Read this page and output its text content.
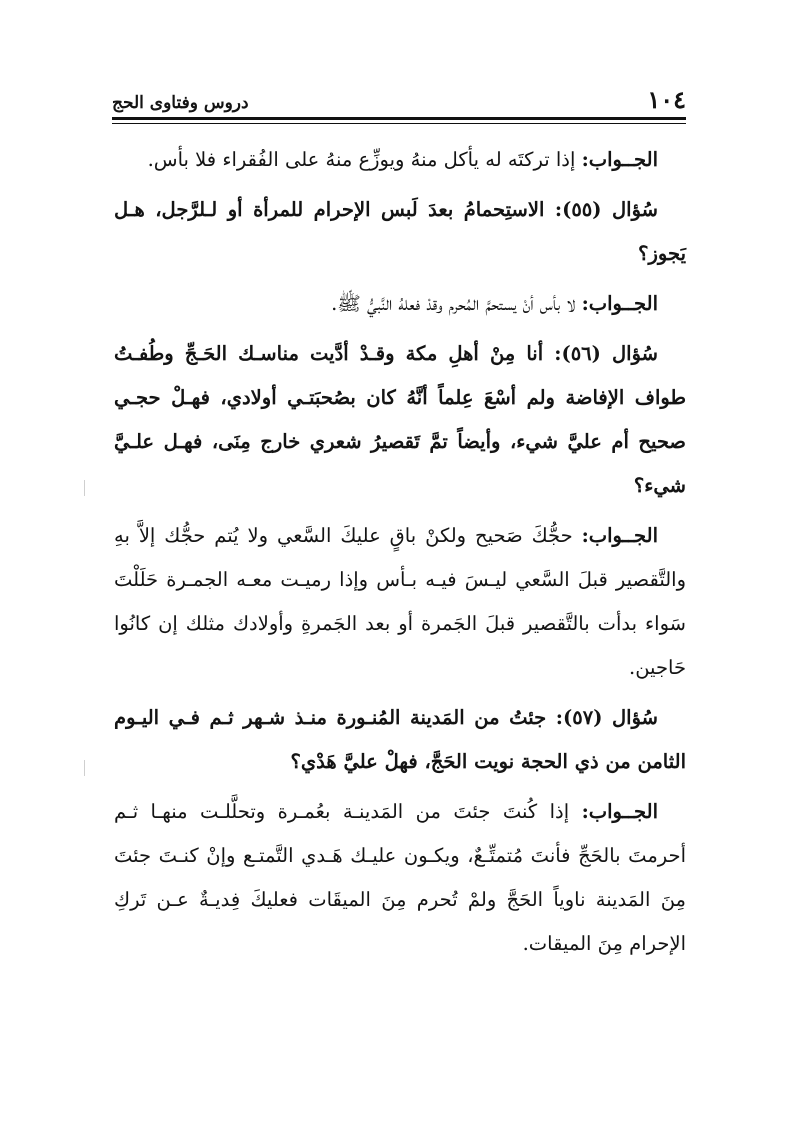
١٠٤
دروس وفتاوى الحج

الجــواب: إذا تركتَه له يأكل منهُ ويوزِّع منهُ على الفُقراء فلا بأس.

سُؤال (٥٥): الاستِحمامُ بعدَ لَبس الإحرام للمرأة أو لـلرَّجل، هـل يَجوز؟

الجــواب: لا بأس أنْ يستحمَّ المُحرم وقدْ فعلهُ النَّبيُّ ﷺ.

سُؤال (٥٦): أنا مِنْ أهلِ مكة وقـدْ أدَّيت مناسـك الحَـجِّ وطُفـتُ طواف الإفاضة ولم أسْعَ عِلماً أنَّهُ كان بصُحبَتـي أولادي، فهـلْ حجـي صحيح أم عليَّ شيء، وأيضاً تمَّ تَقصيرُ شعري خارج مِنَى، فهـل علـيَّ شيء؟

الجــواب: حجُّكَ صَحيح ولكنْ باقٍ عليكَ السَّعي ولا يُتم حجُّك إلاَّ بهِ والتَّقصير قبلَ السَّعي ليـسَ فيـه بـأس وإذا رميـت معـه الجمـرة حَلَلْتَ سَواء بدأت بالتَّقصير قبلَ الجَمرة أو بعد الجَمرةِ وأولادك مثلك إن كانُوا حَاجين.

سُؤال (٥٧): جئتُ من المَدينة المُنـورة منـذ شـهر ثـم فـي اليـوم الثامن من ذي الحجة نويت الحَجَّ، فهلْ عليَّ هَدْي؟

الجــواب: إذا كُنتَ جئتَ من المَدينـة بعُمـرة وتحلَّلـت منهـا ثـم أحرمتَ بالحَجِّ فأنتَ مُتمتِّـعٌ، ويكـون عليـك هَـدي التَّمتـع وإنْ كنـتَ جئتَ مِنَ المَدينة ناوياً الحَجَّ ولمْ تُحرم مِنَ الميقَات فعليكَ فِديـةٌ عـن تَركِ الإحرام مِنَ الميقات.
